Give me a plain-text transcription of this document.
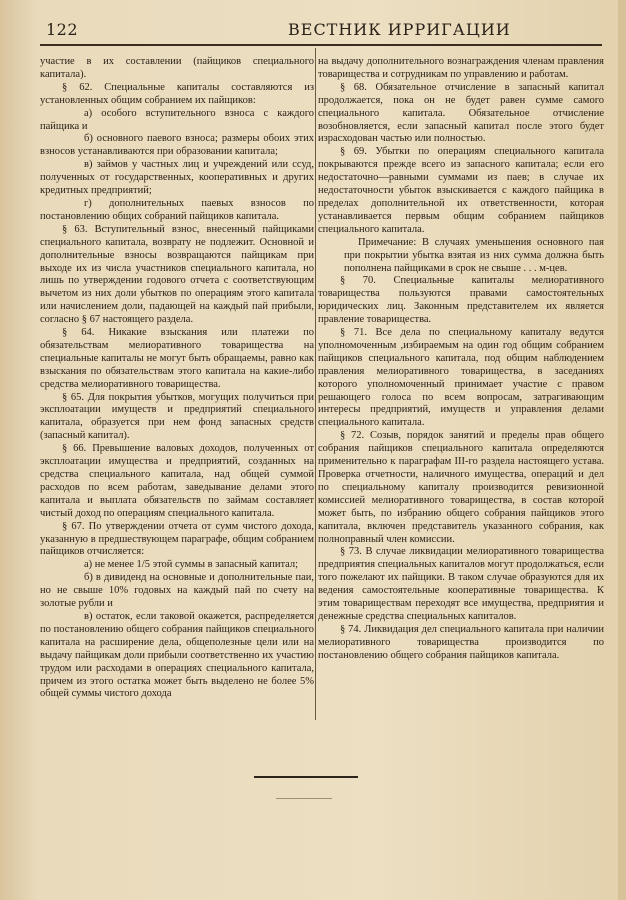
122	ВЕСТНИК ИРРИГАЦИИ

участие в их составлении (пайщиков специального капитала).

§ 62. Специальные капиталы составляются из установленных общим собранием их пайщиков:

а) особого вступительного взноса с каждого пайщика и

б) основного паевого взноса; размеры обоих этих взносов устанавливаются при образовании капитала;

в) займов у частных лиц и учреждений или ссуд, полученных от государственных, кооперативных и других кредитных предприятий;

г) дополнительных паевых взносов по постановлению общих собраний пайщиков капитала.

§ 63. Вступительный взнос, внесенный пайщиками специального капитала, возврату не подлежит. Основной и дополнительные взносы возвращаются пайщикам при выходе их из числа участников специального капитала, но лишь по утверждении годового отчета с соответствующим вычетом из них доли убытков по операциям этого капитала или начислением доли, падающей на каждый пай прибыли, согласно § 67 настоящего раздела.

§ 64. Никакие взыскания или платежи по обязательствам мелиоративного товарищества на специальные капиталы не могут быть обращаемы, равно как взыскания по обязательствам этого капитала на какие-либо средства мелиоративного товарищества.

§ 65. Для покрытия убытков, могущих получиться при эксплоатации имуществ и предприятий специального капитала, образуется при нем фонд запасных средств (запасный капитал).

§ 66. Превышение валовых доходов, полученных от эксплоатации имущества и предприятий, созданных на средства специального капитала, над общей суммой расходов по всем работам, заведывание делами этого капитала и выплата обязательств по займам составляет чистый доход по операциям специального капитала.

§ 67. По утверждении отчета от сумм чистого дохода, указанную в предшествующем параграфе, общим собранием пайщиков отчисляется:

а) не менее 1/5 этой суммы в запасный капитал;

б) в дивиденд на основные и дополнительные паи, но не свыше 10% годовых на каждый пай по счету на золотые рубли и

в) остаток, если таковой окажется, распределяется по постановлению общего собрания пайщиков специального капитала на расширение дела, общеполезные цели или на выдачу пайщикам доли прибыли соответственно их участию трудом или расходами в операциях специального капитала, причем из этого остатка может быть выделено не более 5% общей суммы чистого дохода

на выдачу дополнительного вознаграждения членам правления товарищества и сотрудникам по управлению и работам.

§ 68. Обязательное отчисление в запасный капитал продолжается, пока он не будет равен сумме самого специального капитала. Обязательное отчисление возобновляется, если запасный капитал после этого будет израсходован частью или полностью.

§ 69. Убытки по операциям специального капитала покрываются прежде всего из запасного капитала; если его недостаточно—равными суммами из паев; в случае их недостаточности убыток взыскивается с каждого пайщика в пределах дополнительной их ответственности, которая устанавливается первым общим собранием пайщиков специального капитала.

Примечание: В случаях уменьшения основного пая при покрытии убытка взятая из них сумма должна быть пополнена пайщиками в срок не свыше . . . м-цев.

§ 70. Специальные капиталы мелиоративного товарищества пользуются правами самостоятельных юридических лиц. Законным представителем их является правление товарищества.

§ 71. Все дела по специальному капиталу ведутся уполномоченным ,избираемым на один год общим собранием пайщиков специального капитала, под общим наблюдением правления мелиоративного товарищества, в заседаниях которого уполномоченный принимает участие с правом решающего голоса по всем вопросам, затрагивающим интересы предприятий, имуществ и управления делами специального капитала.

§ 72. Созыв, порядок занятий и пределы прав общего собрания пайщиков специального капитала определяются применительно к параграфам III-го раздела настоящего устава. Проверка отчетности, наличного имущества, операций и дел по специальному капиталу производится ревизионной комиссией мелиоративного товарищества, в состав которой может быть, по избранию общего собрания пайщиков этого капитала, включен представитель указанного собрания, как полноправный член комиссии.

§ 73. В случае ликвидации мелиоративного товарищества предприятия специальных капиталов могут продолжаться, если того пожелают их пайщики. В таком случае образуются для их ведения самостоятельные кооперативные товарищества. К этим товариществам переходят все имущества, предприятия и денежные средства специальных капиталов.

§ 74. Ликвидация дел специального капитала при наличии мелиоративного товарищества производится по постановлению общего собрания пайщиков капитала.
